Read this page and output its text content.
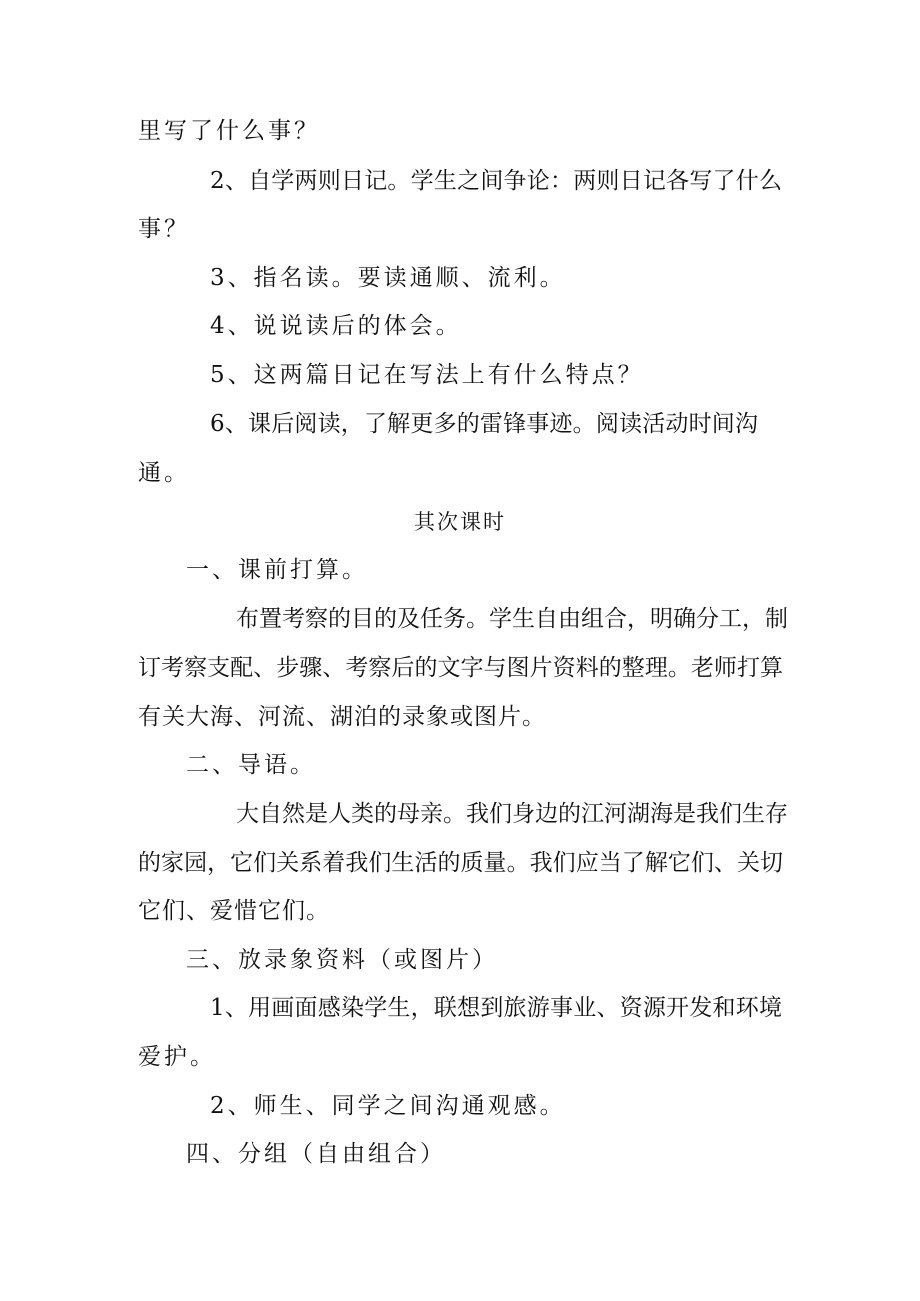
里写了什么事？
2、自学两则日记。学生之间争论：两则日记各写了什么
事？
3、指名读。要读通顺、流利。
4、说说读后的体会。
5、这两篇日记在写法上有什么特点？
6、课后阅读，了解更多的雷锋事迹。阅读活动时间沟
通。
其次课时
一、课前打算。
布置考察的目的及任务。学生自由组合，明确分工，制
订考察支配、步骤、考察后的文字与图片资料的整理。老师打算
有关大海、河流、湖泊的录象或图片。
二、导语。
大自然是人类的母亲。我们身边的江河湖海是我们生存
的家园，它们关系着我们生活的质量。我们应当了解它们、关切
它们、爱惜它们。
三、放录象资料（或图片）
1、用画面感染学生，联想到旅游事业、资源开发和环境
爱护。
2、师生、同学之间沟通观感。
四、分组（自由组合）
